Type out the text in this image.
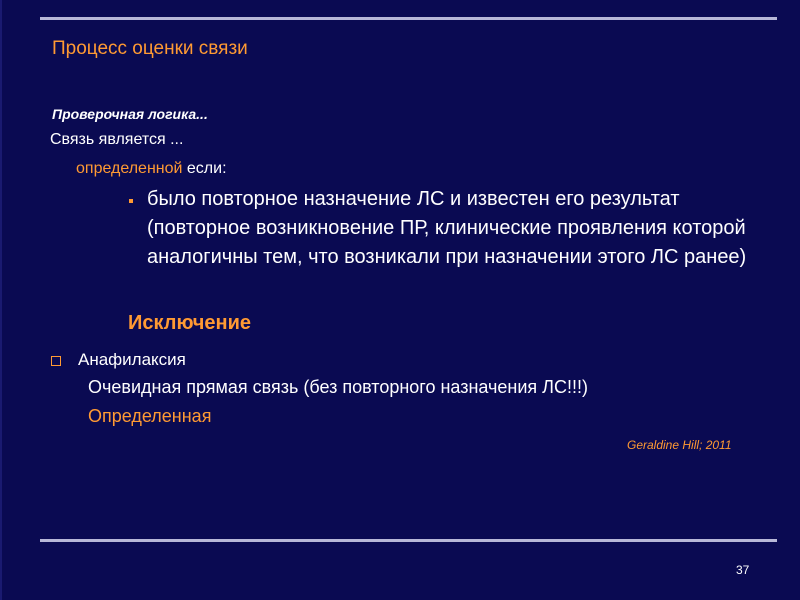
Процесс оценки связи
Проверочная логика...
Связь является ...
определенной если:
было повторное назначение ЛС и известен его результат (повторное возникновение ПР, клинические проявления которой аналогичны тем, что возникали при назначении этого ЛС ранее)
Исключение
Анафилаксия
Очевидная прямая связь (без повторного назначения ЛС!!!)
Определенная
Geraldine Hill; 2011
37
